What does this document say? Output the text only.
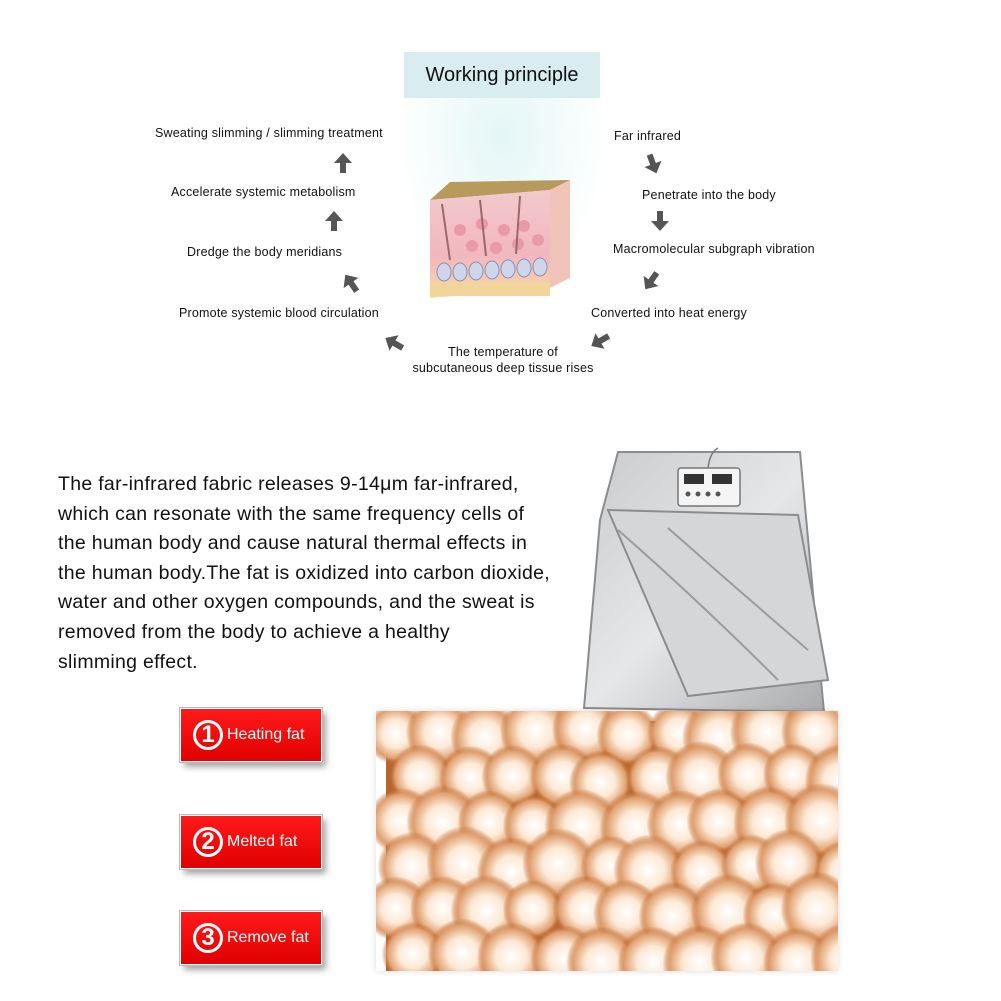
Working principle
Sweating slimming / slimming treatment
Accelerate systemic metabolism
Dredge the body meridians
Promote systemic blood circulation
Far infrared
Penetrate into the body
Macromolecular subgraph vibration
Converted into heat energy
The temperature of
subcutaneous deep tissue rises
The far-infrared fabric releases 9-14μm far-infrared,
which can resonate with the same frequency cells of
the human body and cause natural thermal effects in
the human body.The fat is oxidized into carbon dioxide,
water and other oxygen compounds, and the sweat is
removed from the body to achieve a healthy
slimming effect.
1 Heating fat
2 Melted fat
3 Remove fat
